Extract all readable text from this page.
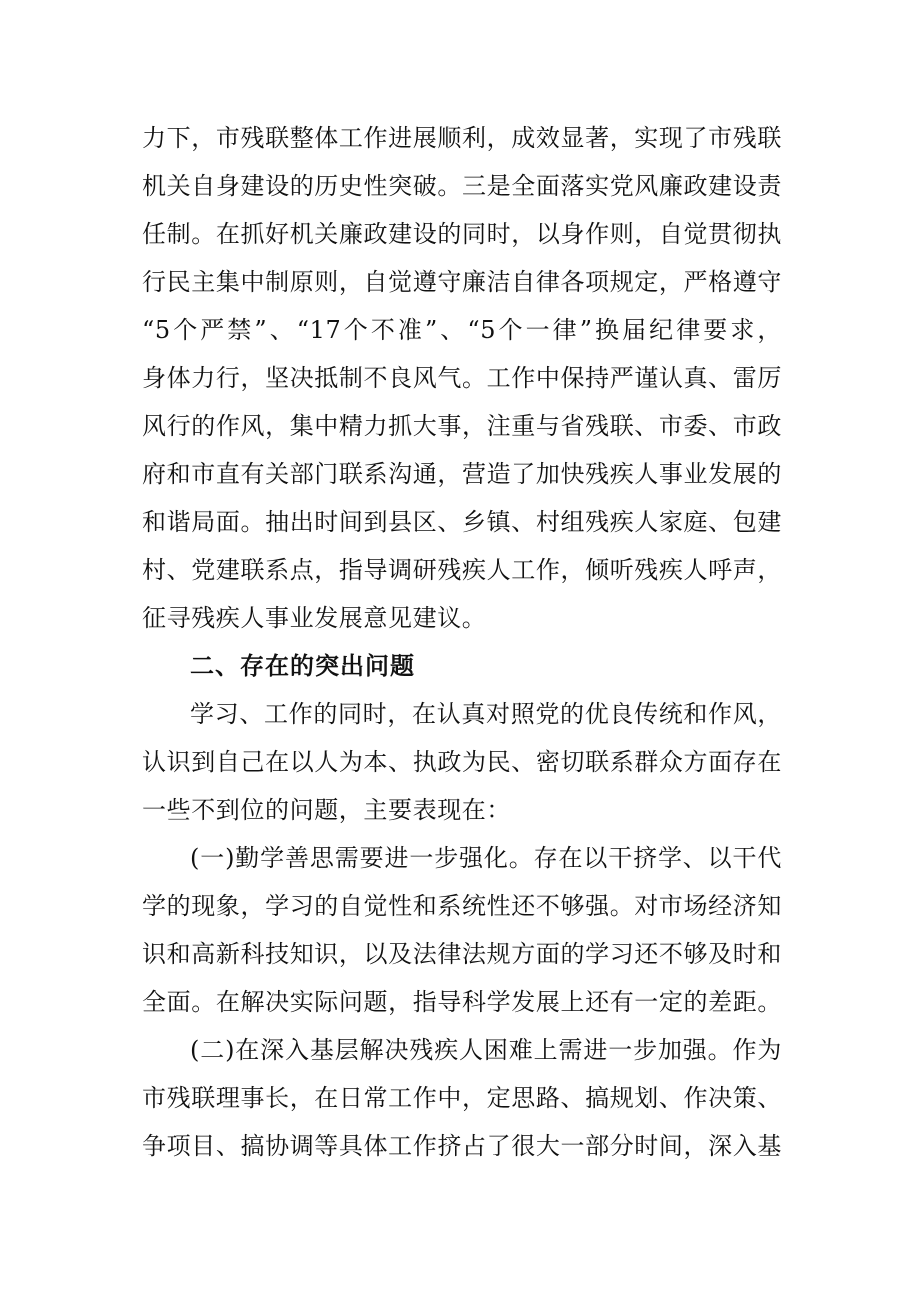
力下，市残联整体工作进展顺利，成效显著，实现了市残联
机关自身建设的历史性突破。三是全面落实党风廉政建设责
任制。在抓好机关廉政建设的同时，以身作则，自觉贯彻执
行民主集中制原则，自觉遵守廉洁自律各项规定，严格遵守
“5个严禁”、“17个不准”、“5个一律”换届纪律要求，
身体力行，坚决抵制不良风气。工作中保持严谨认真、雷厉
风行的作风，集中精力抓大事，注重与省残联、市委、市政
府和市直有关部门联系沟通，营造了加快残疾人事业发展的
和谐局面。抽出时间到县区、乡镇、村组残疾人家庭、包建
村、党建联系点，指导调研残疾人工作，倾听残疾人呼声，
征寻残疾人事业发展意见建议。
二、存在的突出问题
学习、工作的同时，在认真对照党的优良传统和作风，
认识到自己在以人为本、执政为民、密切联系群众方面存在
一些不到位的问题，主要表现在：
(一)勤学善思需要进一步强化。存在以干挤学、以干代
学的现象，学习的自觉性和系统性还不够强。对市场经济知
识和高新科技知识，以及法律法规方面的学习还不够及时和
全面。在解决实际问题，指导科学发展上还有一定的差距。
(二)在深入基层解决残疾人困难上需进一步加强。作为
市残联理事长，在日常工作中，定思路、搞规划、作决策、
争项目、搞协调等具体工作挤占了很大一部分时间，深入基
